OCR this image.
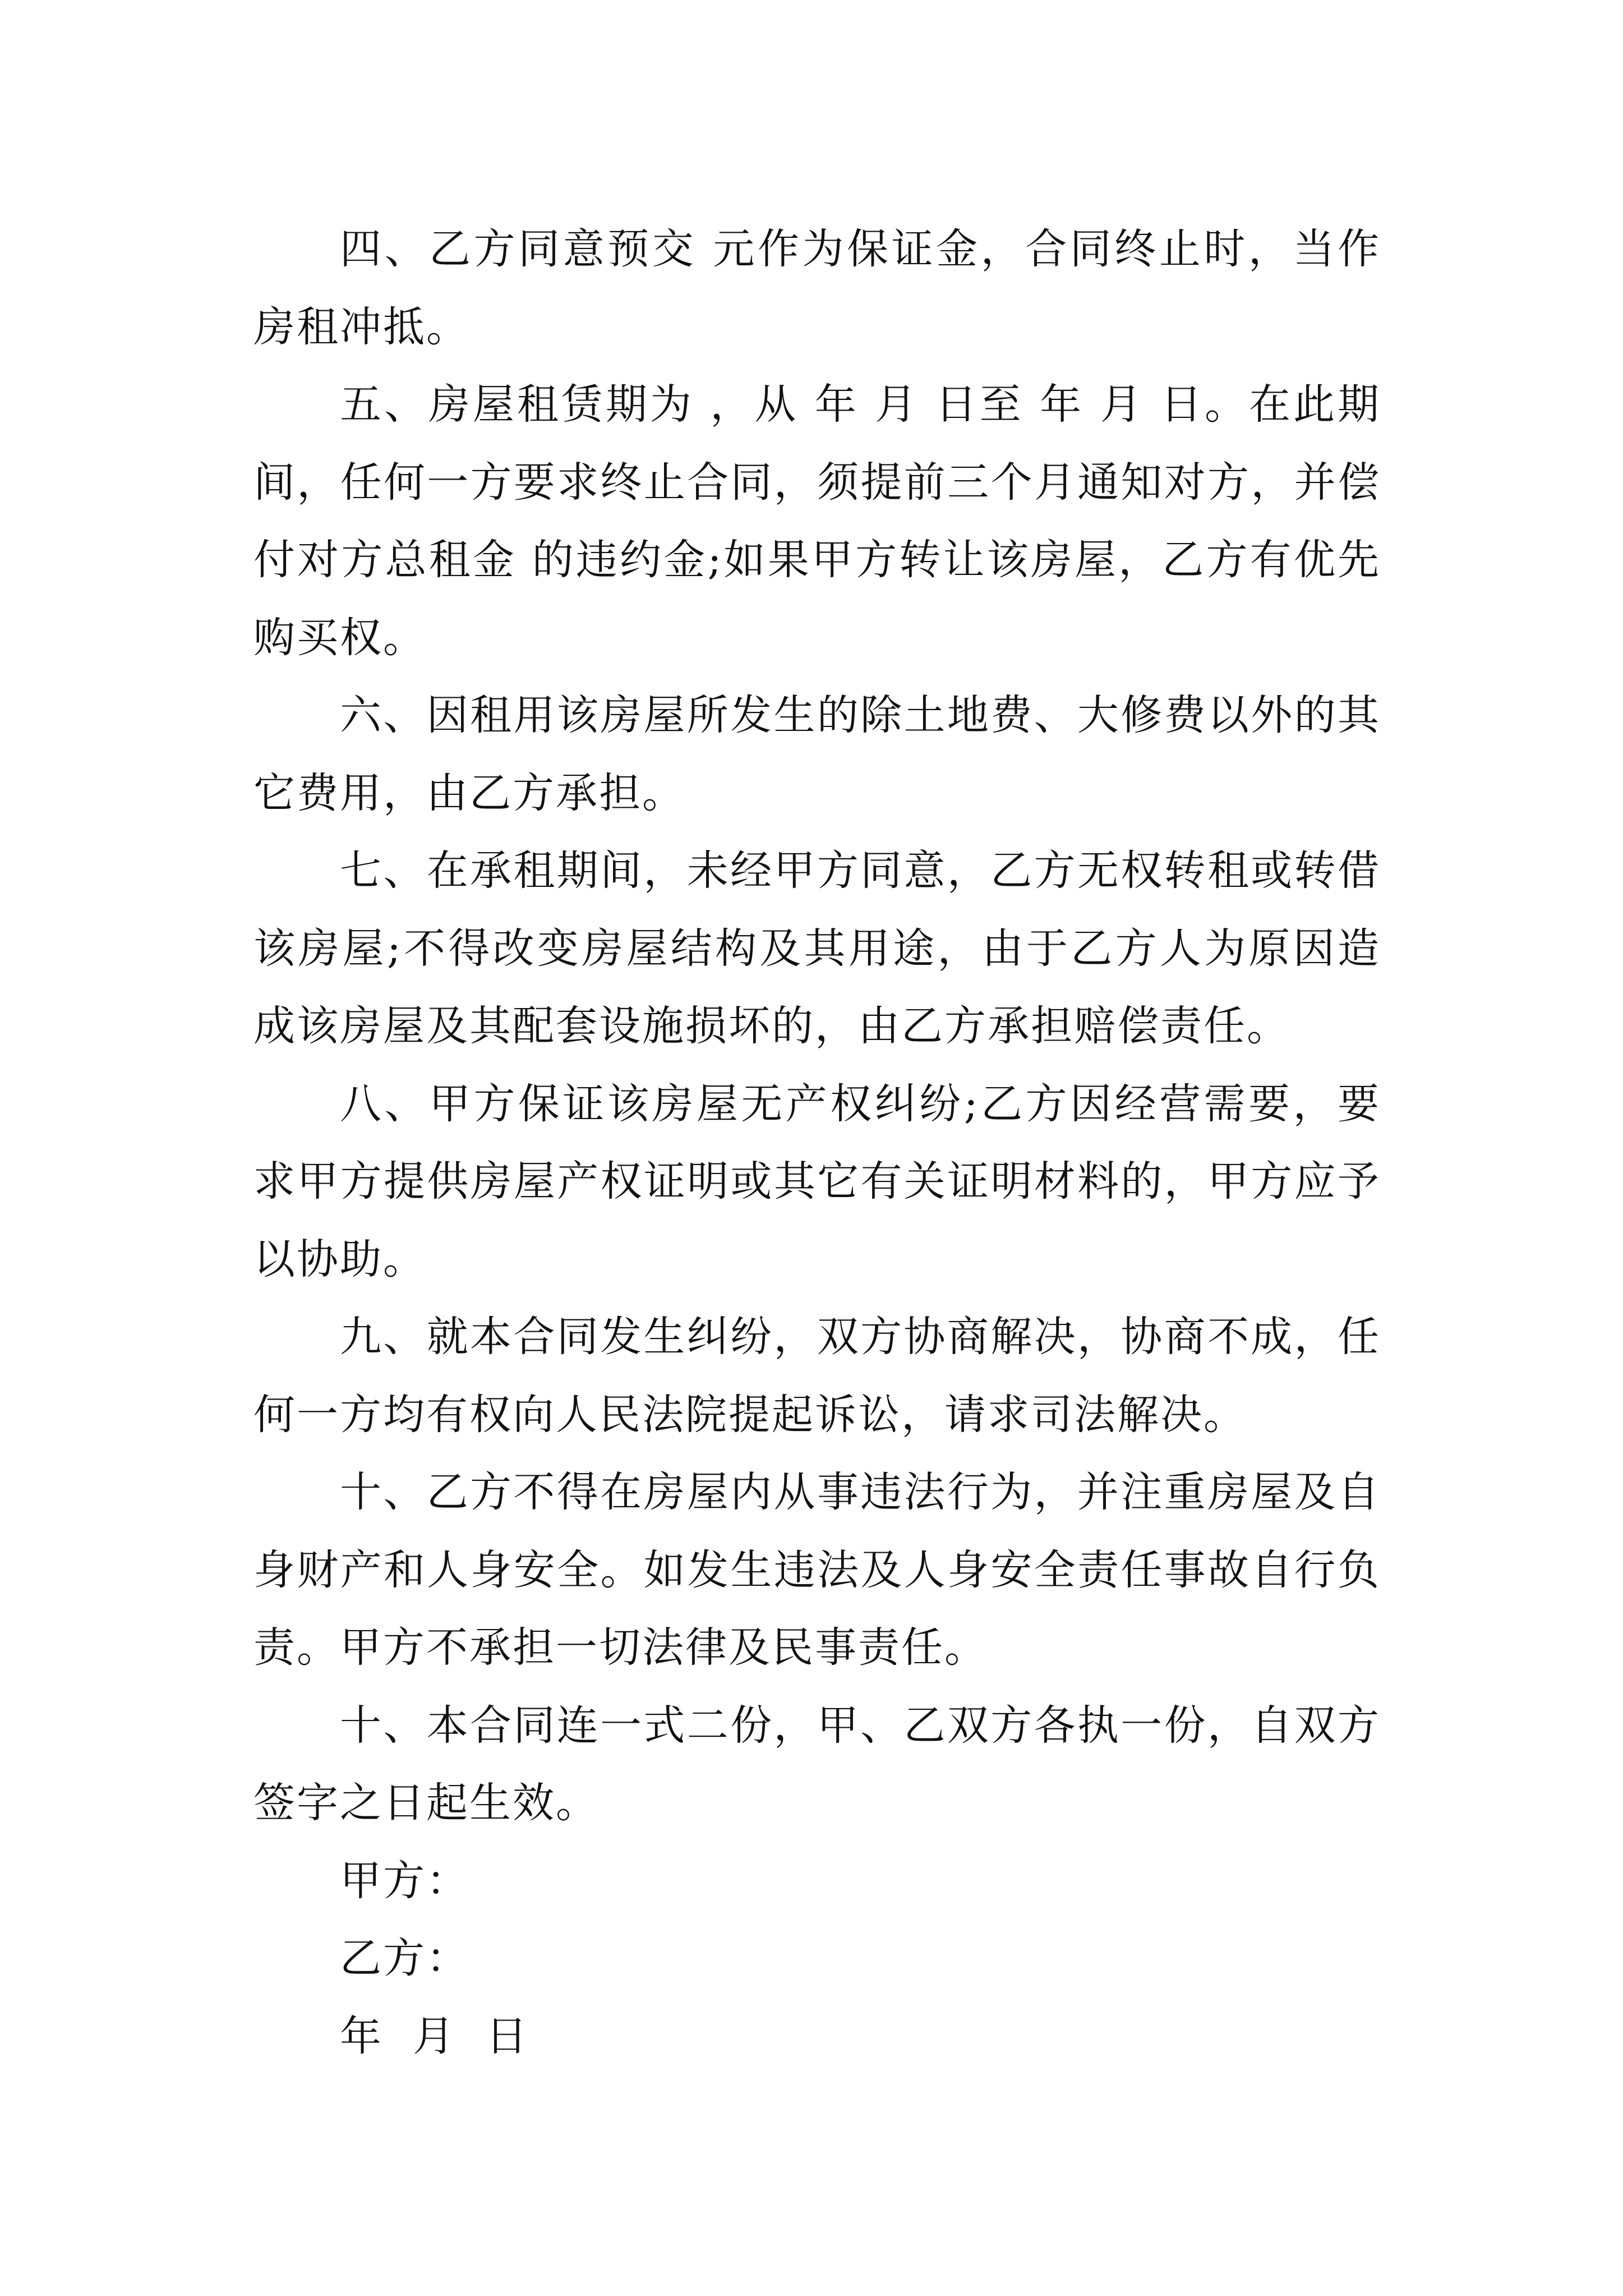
四、乙方同意预交 元作为保证金，合同终止时，当作房租冲抵。

五、房屋租赁期为 ，从 年 月 日至 年 月 日。在此期间，任何一方要求终止合同，须提前三个月通知对方，并偿付对方总租金 的违约金;如果甲方转让该房屋，乙方有优先购买权。

六、因租用该房屋所发生的除土地费、大修费以外的其它费用，由乙方承担。

七、在承租期间，未经甲方同意，乙方无权转租或转借该房屋;不得改变房屋结构及其用途，由于乙方人为原因造成该房屋及其配套设施损坏的，由乙方承担赔偿责任。

八、甲方保证该房屋无产权纠纷;乙方因经营需要，要求甲方提供房屋产权证明或其它有关证明材料的，甲方应予以协助。

九、就本合同发生纠纷，双方协商解决，协商不成，任何一方均有权向人民法院提起诉讼，请求司法解决。

十、乙方不得在房屋内从事违法行为，并注重房屋及自身财产和人身安全。如发生违法及人身安全责任事故自行负责。甲方不承担一切法律及民事责任。

十、本合同连一式二份，甲、乙双方各执一份，自双方签字之日起生效。

甲方：

乙方：

年  月  日
